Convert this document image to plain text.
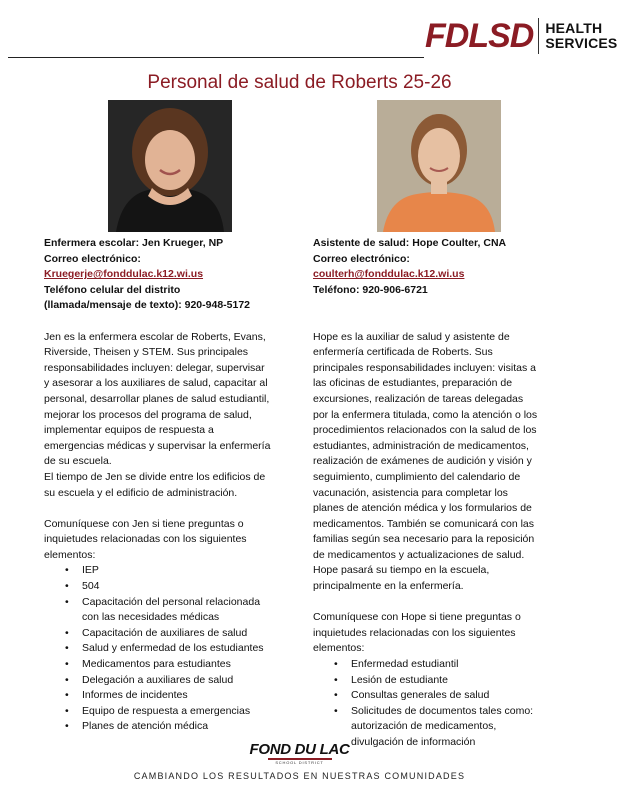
FDLSD HEALTH
SERVICES
Personal de salud de Roberts 25-26
Enfermera escolar: Jen Krueger, NP
Correo electrónico:
Kruegerje@fonddulac.k12.wi.us
Teléfono celular del distrito
(llamada/mensaje de texto): 920-948-5172
Jen es la enfermera escolar de Roberts, Evans,
Riverside, Theisen y STEM. Sus principales
responsabilidades incluyen: delegar, supervisar
y asesorar a los auxiliares de salud, capacitar al
personal, desarrollar planes de salud estudiantil,
mejorar los procesos del programa de salud,
implementar equipos de respuesta a
emergencias médicas y supervisar la enfermería
de su escuela.
El tiempo de Jen se divide entre los edificios de
su escuela y el edificio de administración.
Comuníquese con Jen si tiene preguntas o
inquietudes relacionadas con los siguientes
elementos:
• IEP
• 504
• Capacitación del personal relacionada
con las necesidades médicas
• Capacitación de auxiliares de salud
• Salud y enfermedad de los estudiantes
• Medicamentos para estudiantes
• Delegación a auxiliares de salud
• Informes de incidentes
• Equipo de respuesta a emergencias
• Planes de atención médica
Asistente de salud: Hope Coulter, CNA
Correo electrónico:
coulterh@fonddulac.k12.wi.us
Teléfono: 920-906-6721
Hope es la auxiliar de salud y asistente de
enfermería certificada de Roberts. Sus
principales responsabilidades incluyen: visitas a
las oficinas de estudiantes, preparación de
excursiones, realización de tareas delegadas
por la enfermera titulada, como la atención o los
procedimientos relacionados con la salud de los
estudiantes, administración de medicamentos,
realización de exámenes de audición y visión y
seguimiento, cumplimiento del calendario de
vacunación, asistencia para completar los
planes de atención médica y los formularios de
medicamentos. También se comunicará con las
familias según sea necesario para la reposición
de medicamentos y actualizaciones de salud.
Hope pasará su tiempo en la escuela,
principalmente en la enfermería.
Comuníquese con Hope si tiene preguntas o
inquietudes relacionadas con los siguientes
elementos:
• Enfermedad estudiantil
• Lesión de estudiante
• Consultas generales de salud
• Solicitudes de documentos tales como:
autorización de medicamentos,
divulgación de información
FOND DU LAC
SCHOOL DISTRICT
CAMBIANDO LOS RESULTADOS EN NUESTRAS COMUNIDADES
